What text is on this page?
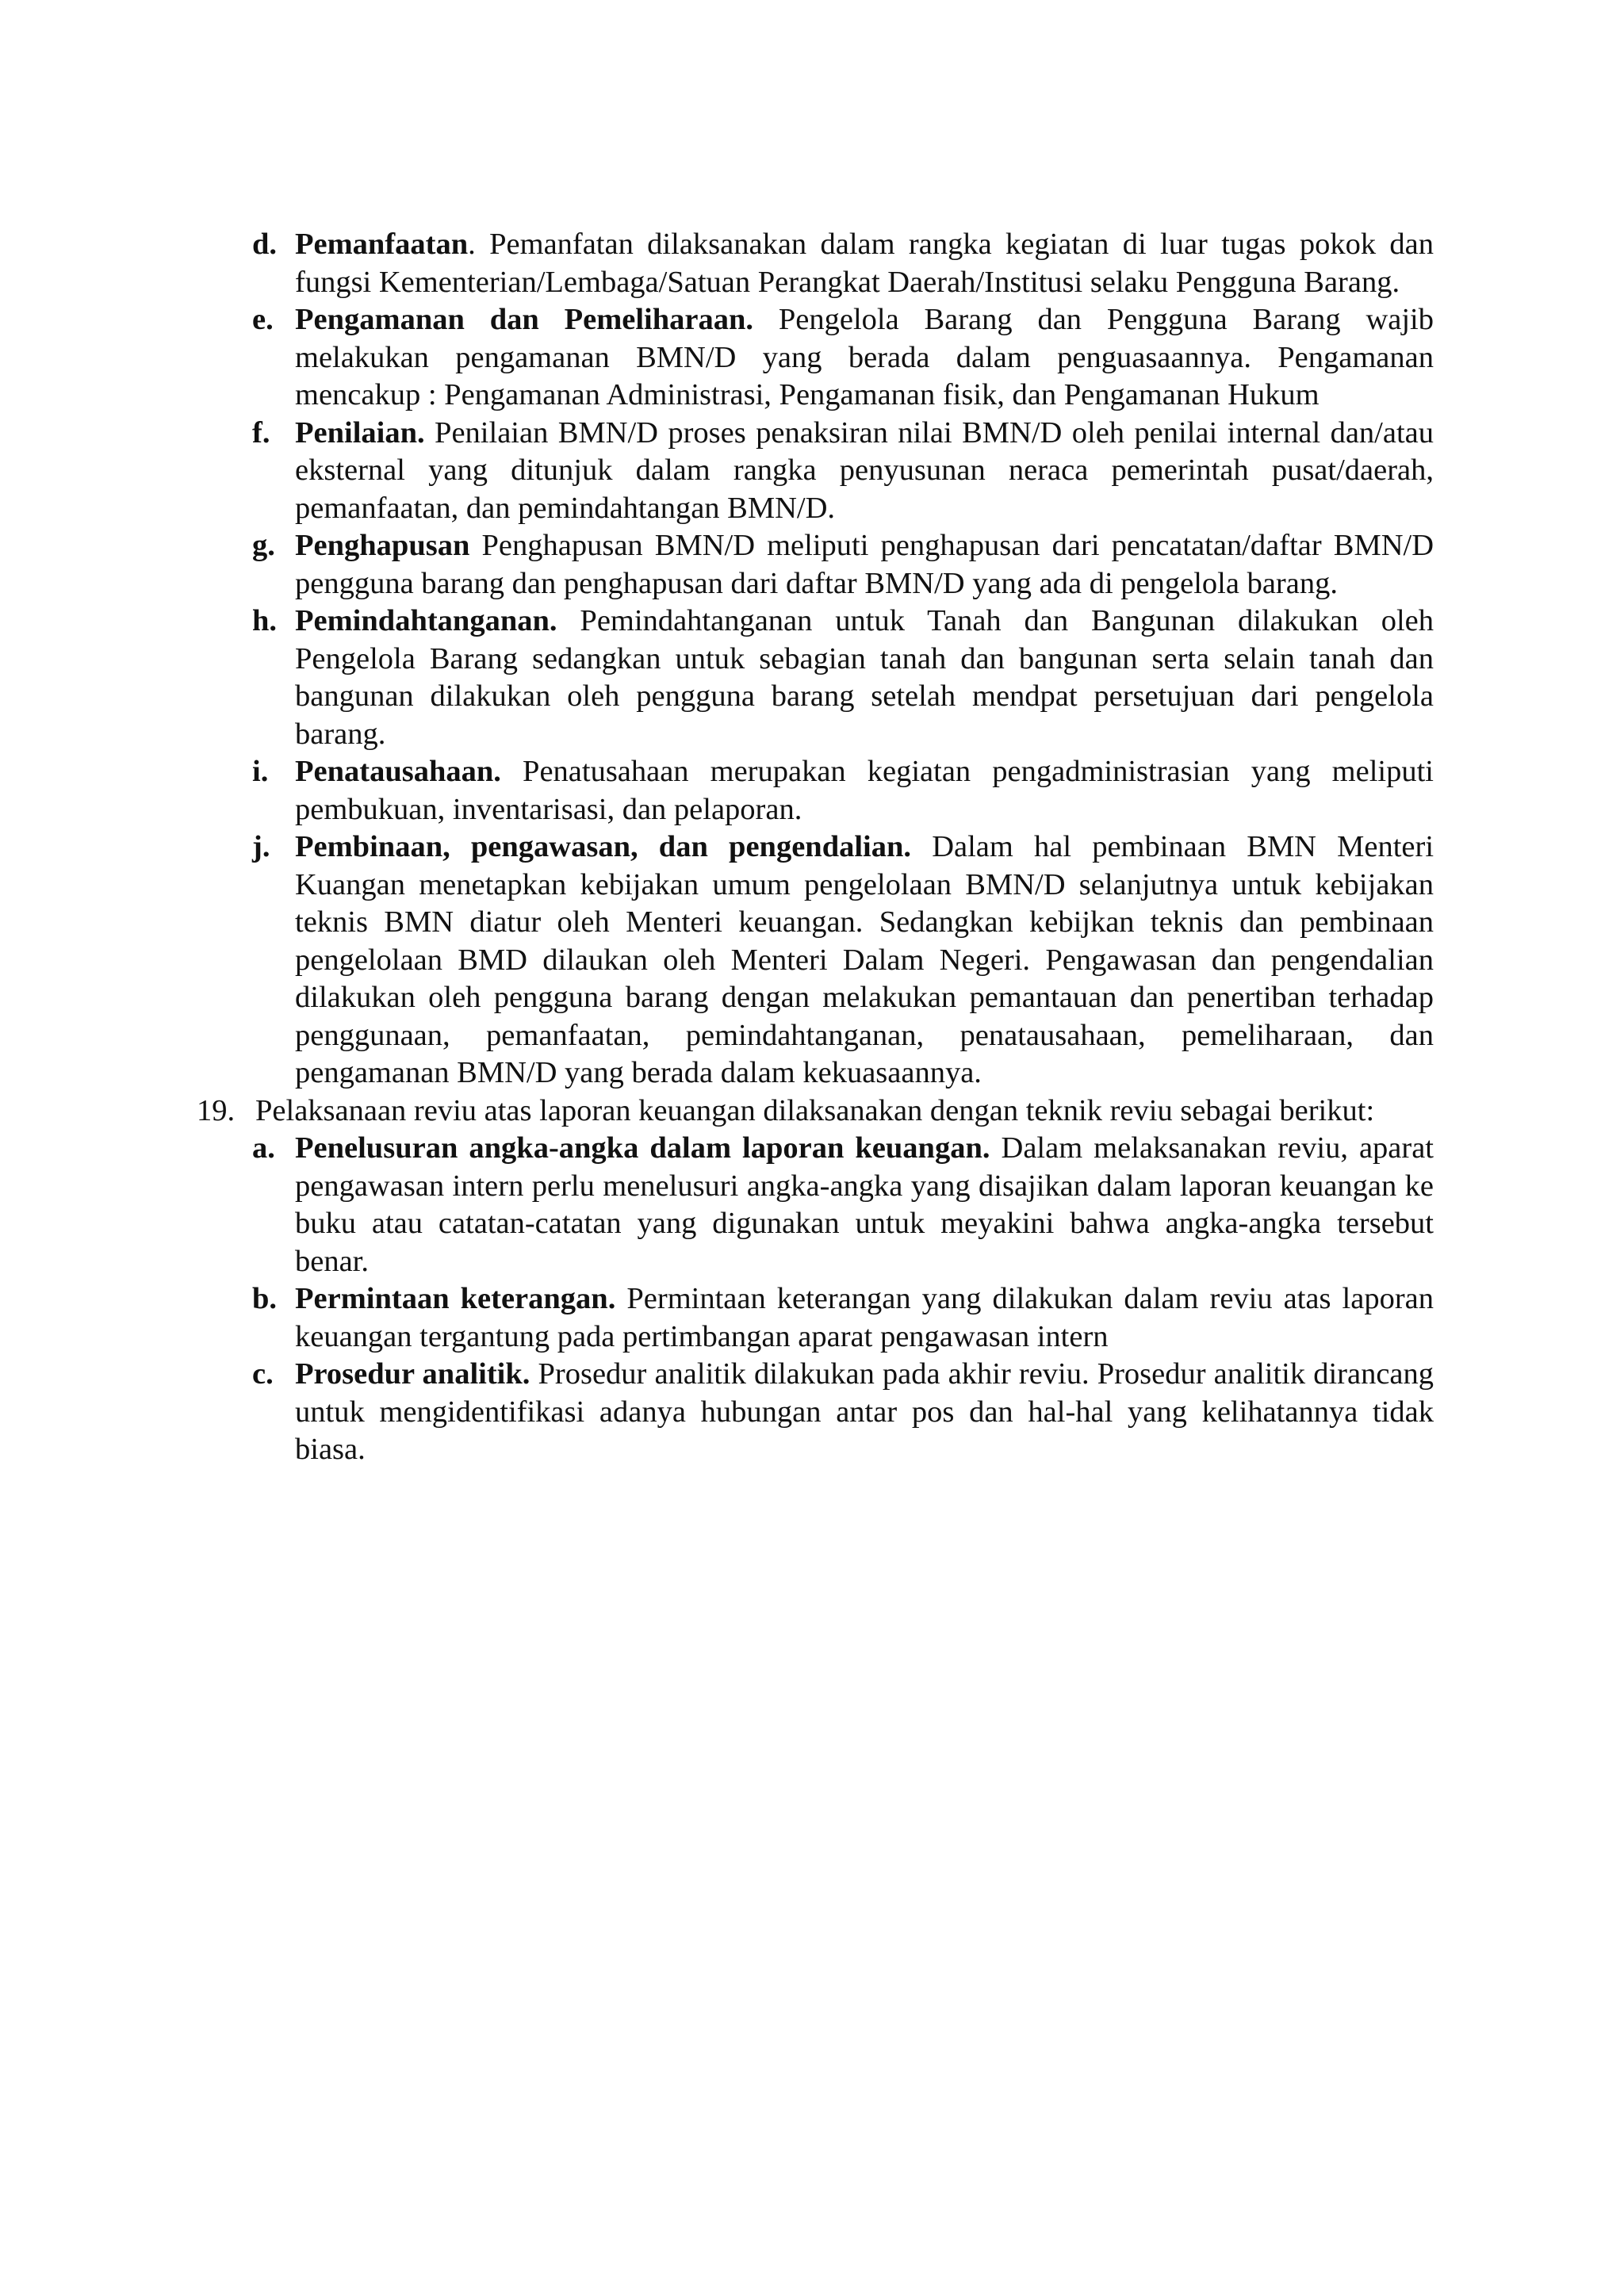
d. Pemanfaatan. Pemanfatan dilaksanakan dalam rangka kegiatan di luar tugas pokok dan fungsi Kementerian/Lembaga/Satuan Perangkat Daerah/Institusi selaku Pengguna Barang.
e. Pengamanan dan Pemeliharaan. Pengelola Barang dan Pengguna Barang wajib melakukan pengamanan BMN/D yang berada dalam penguasaannya. Pengamanan mencakup : Pengamanan Administrasi, Pengamanan fisik, dan Pengamanan Hukum
f. Penilaian. Penilaian BMN/D proses penaksiran nilai BMN/D oleh penilai internal dan/atau eksternal yang ditunjuk dalam rangka penyusunan neraca pemerintah pusat/daerah, pemanfaatan, dan pemindahtangan BMN/D.
g. Penghapusan Penghapusan BMN/D meliputi penghapusan dari pencatatan/daftar BMN/D pengguna barang dan penghapusan dari daftar BMN/D yang ada di pengelola barang.
h. Pemindahtanganan. Pemindahtanganan untuk Tanah dan Bangunan dilakukan oleh Pengelola Barang sedangkan untuk sebagian tanah dan bangunan serta selain tanah dan bangunan dilakukan oleh pengguna barang setelah mendpat persetujuan dari pengelola barang.
i. Penatausahaan. Penatusahaan merupakan kegiatan pengadministrasian yang meliputi pembukuan, inventarisasi, dan pelaporan.
j. Pembinaan, pengawasan, dan pengendalian. Dalam hal pembinaan BMN Menteri Kuangan menetapkan kebijakan umum pengelolaan BMN/D selanjutnya untuk kebijakan teknis BMN diatur oleh Menteri keuangan. Sedangkan kebijkan teknis dan pembinaan pengelolaan BMD dilaukan oleh Menteri Dalam Negeri. Pengawasan dan pengendalian dilakukan oleh pengguna barang dengan melakukan pemantauan dan penertiban terhadap penggunaan, pemanfaatan, pemindahtanganan, penatausahaan, pemeliharaan, dan pengamanan BMN/D yang berada dalam kekuasaannya.
19. Pelaksanaan reviu atas laporan keuangan dilaksanakan dengan teknik reviu sebagai berikut:
a. Penelusuran angka-angka dalam laporan keuangan. Dalam melaksanakan reviu, aparat pengawasan intern perlu menelusuri angka-angka yang disajikan dalam laporan keuangan ke buku atau catatan-catatan yang digunakan untuk meyakini bahwa angka-angka tersebut benar.
b. Permintaan keterangan. Permintaan keterangan yang dilakukan dalam reviu atas laporan keuangan tergantung pada pertimbangan aparat pengawasan intern
c. Prosedur analitik. Prosedur analitik dilakukan pada akhir reviu. Prosedur analitik dirancang untuk mengidentifikasi adanya hubungan antar pos dan hal-hal yang kelihatannya tidak biasa.
